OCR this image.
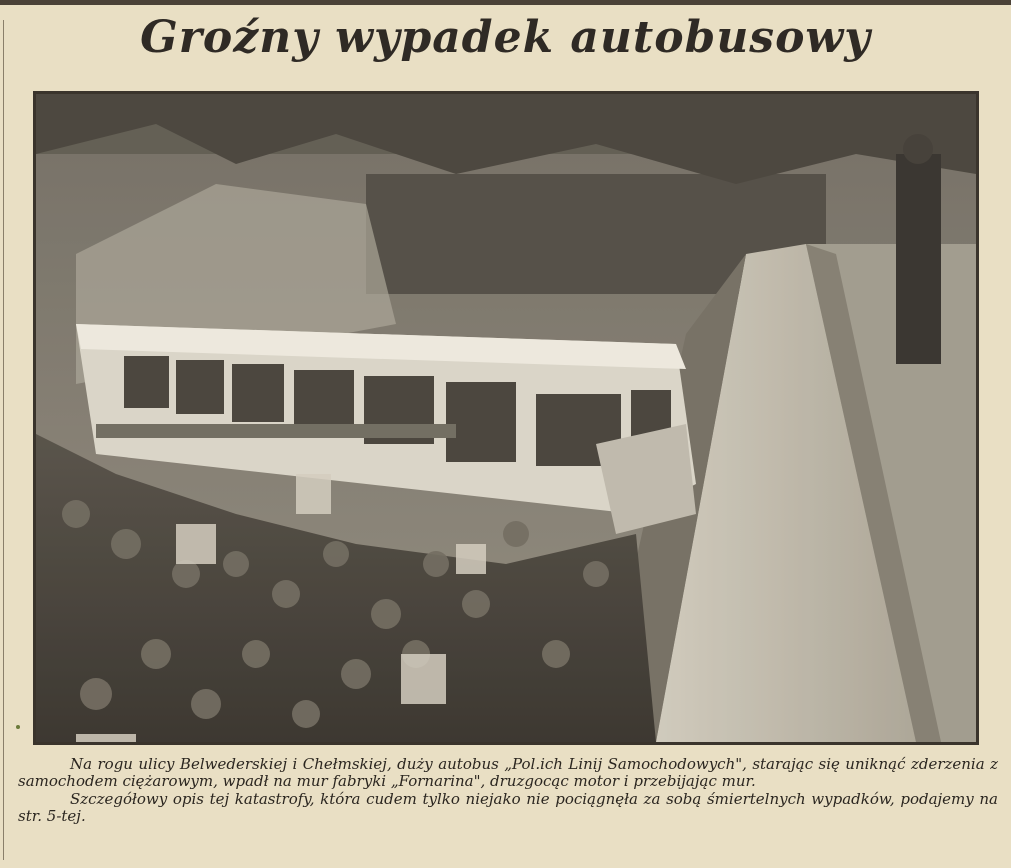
Groźny wypadek autobusowy

Na rogu ulicy Belwederskiej i Chełmskiej, duży autobus „Pol.ich Linij Samochodowych", starając się uniknąć zderzenia z samochodem ciężarowym, wpadł na mur fabryki „Fornarina", druzgocąc motor i przebijając mur.

Szczegółowy opis tej katastrofy, która cudem tylko niejako nie pociągnęła za sobą śmiertelnych wypadków, podajemy na str. 5-tej.
